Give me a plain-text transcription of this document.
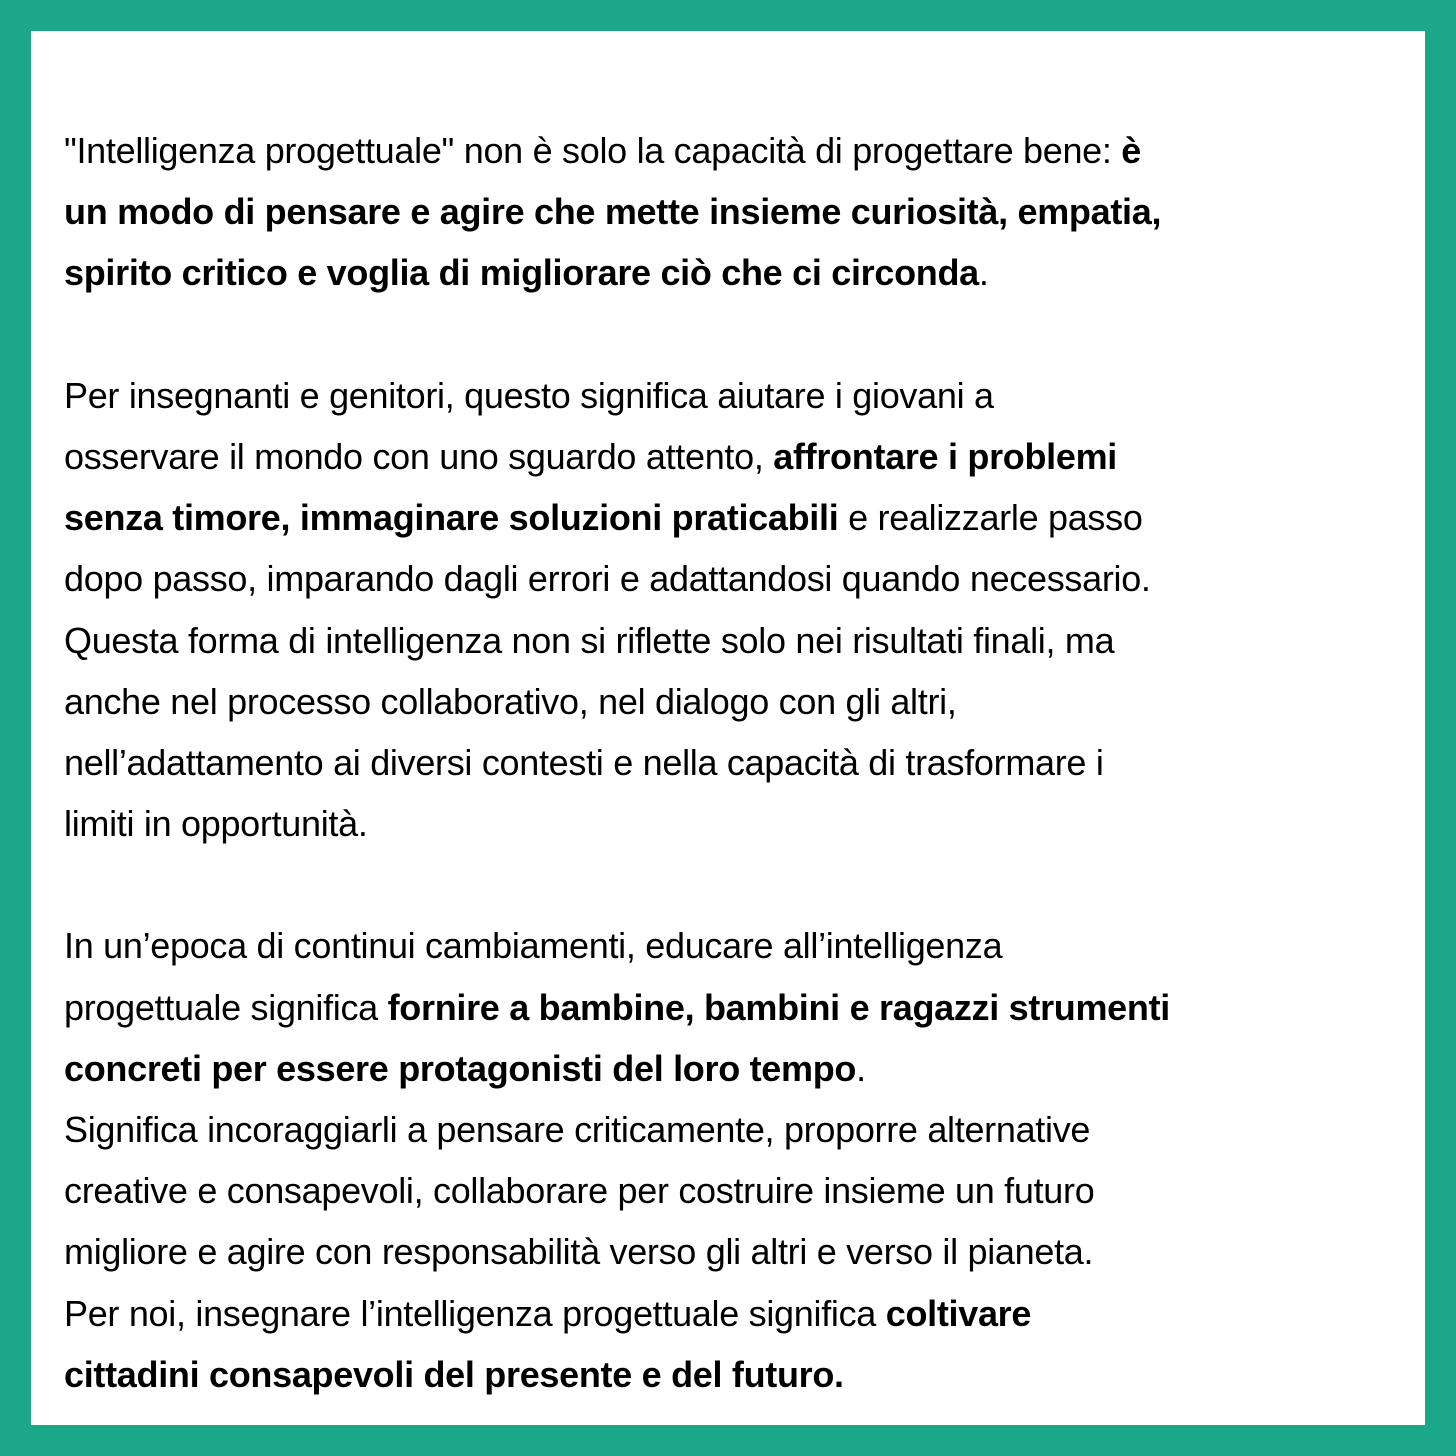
"Intelligenza progettuale" non è solo la capacità di progettare bene: è
un modo di pensare e agire che mette insieme curiosità, empatia,
spirito critico e voglia di migliorare ciò che ci circonda.
Per insegnanti e genitori, questo significa aiutare i giovani a
osservare il mondo con uno sguardo attento, affrontare i problemi
senza timore, immaginare soluzioni praticabili e realizzarle passo
dopo passo, imparando dagli errori e adattandosi quando necessario.
Questa forma di intelligenza non si riflette solo nei risultati finali, ma
anche nel processo collaborativo, nel dialogo con gli altri,
nell’adattamento ai diversi contesti e nella capacità di trasformare i
limiti in opportunità.
In un’epoca di continui cambiamenti, educare all’intelligenza
progettuale significa fornire a bambine, bambini e ragazzi strumenti
concreti per essere protagonisti del loro tempo.
Significa incoraggiarli a pensare criticamente, proporre alternative
creative e consapevoli, collaborare per costruire insieme un futuro
migliore e agire con responsabilità verso gli altri e verso il pianeta.
Per noi, insegnare l’intelligenza progettuale significa coltivare
cittadini consapevoli del presente e del futuro.
